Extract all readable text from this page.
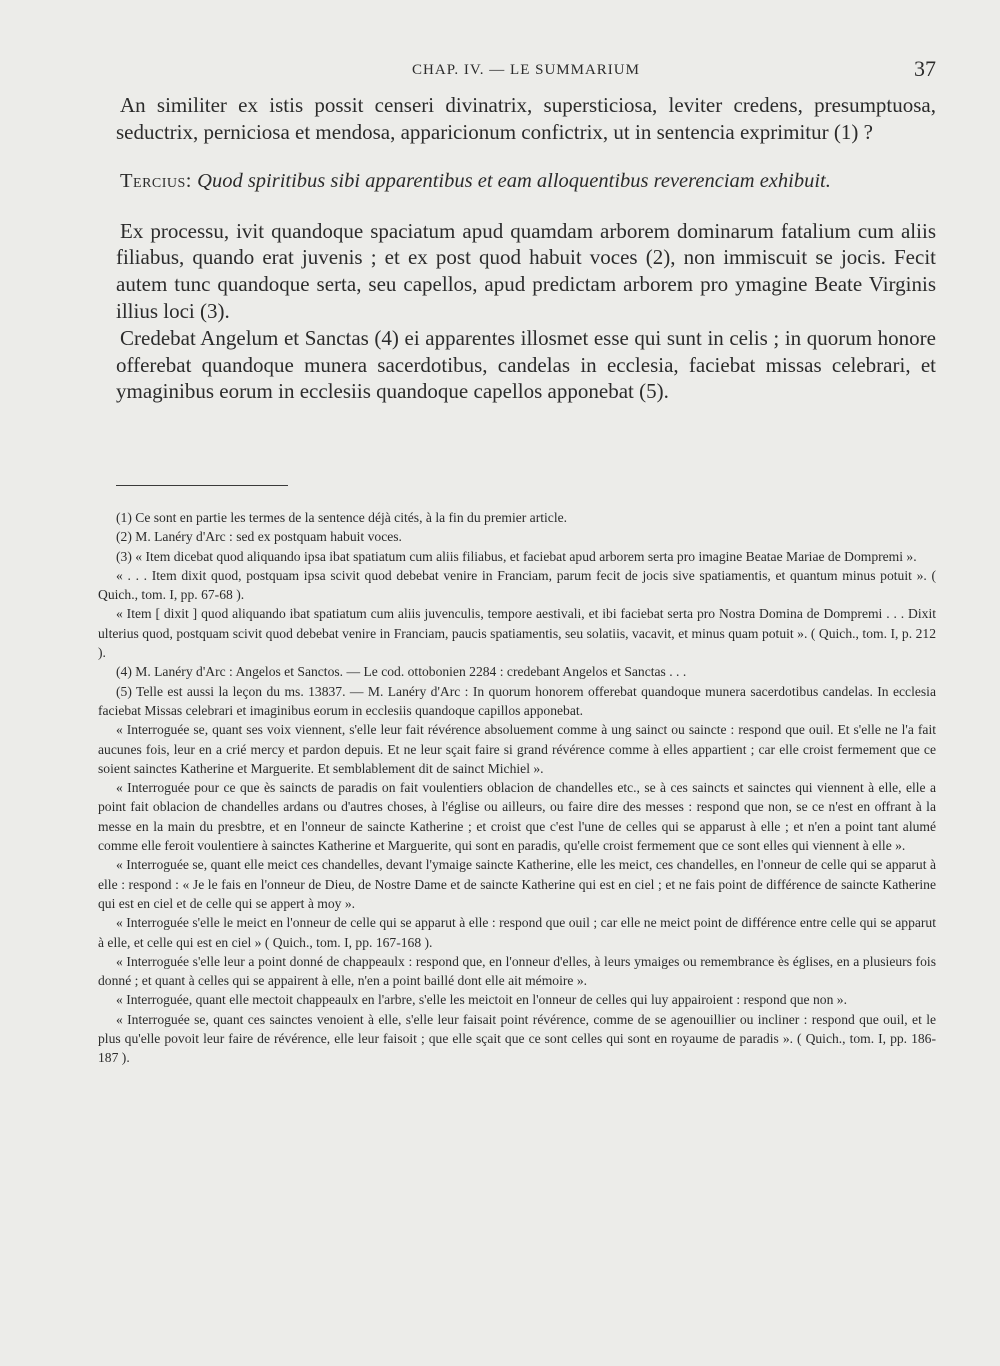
CHAP. IV. — LE SUMMARIUM	37

An similiter ex istis possit censeri divinatrix, supersticiosa, leviter credens, presumptuosa, seductrix, perniciosa et mendosa, apparicionum confictrix, ut in sentencia exprimitur (1) ?

Tercius: Quod spiritibus sibi apparentibus et eam alloquentibus reverenciam exhibuit.

Ex processu, ivit quandoque spaciatum apud quamdam arborem dominarum fatalium cum aliis filiabus, quando erat juvenis ; et ex post quod habuit voces (2), non immiscuit se jocis. Fecit autem tunc quandoque serta, seu capellos, apud predictam arborem pro ymagine Beate Virginis illius loci (3).

Credebat Angelum et Sanctas (4) ei apparentes illosmet esse qui sunt in celis ; in quorum honore offerebat quandoque munera sacerdotibus, candelas in ecclesia, faciebat missas celebrari, et ymaginibus eorum in ecclesiis quandoque capellos apponebat (5).

(1) Ce sont en partie les termes de la sentence déjà cités, à la fin du premier article.

(2) M. Lanéry d'Arc : sed ex postquam habuit voces.

(3) « Item dicebat quod aliquando ipsa ibat spatiatum cum aliis filiabus, et faciebat apud arborem serta pro imagine Beatae Mariae de Dompremi ».

« . . . Item dixit quod, postquam ipsa scivit quod debebat venire in Franciam, parum fecit de jocis sive spatiamentis, et quantum minus potuit ». ( Quich., tom. I, pp. 67-68 ).

« Item [ dixit ] quod aliquando ibat spatiatum cum aliis juvenculis, tempore aestivali, et ibi faciebat serta pro Nostra Domina de Dompremi . . . Dixit ulterius quod, postquam scivit quod debebat venire in Franciam, paucis spatiamentis, seu solatiis, vacavit, et minus quam potuit ». ( Quich., tom. I, p. 212 ).

(4) M. Lanéry d'Arc : Angelos et Sanctos. — Le cod. ottobonien 2284 : credebant Angelos et Sanctas . . .

(5) Telle est aussi la leçon du ms. 13837. — M. Lanéry d'Arc : In quorum honorem offerebat quandoque munera sacerdotibus candelas. In ecclesia faciebat Missas celebrari et imaginibus eorum in ecclesiis quandoque capillos apponebat.

« Interroguée se, quant ses voix viennent, s'elle leur fait révérence absoluement comme à ung sainct ou saincte : respond que ouil. Et s'elle ne l'a fait aucunes fois, leur en a crié mercy et pardon depuis. Et ne leur sçait faire si grand révérence comme à elles appartient ; car elle croist fermement que ce soient sainctes Katherine et Marguerite. Et semblablement dit de sainct Michiel ».

« Interroguée pour ce que ès saincts de paradis on fait voulentiers oblacion de chandelles etc., se à ces saincts et sainctes qui viennent à elle, elle a point fait oblacion de chandelles ardans ou d'autres choses, à l'église ou ailleurs, ou faire dire des messes : respond que non, se ce n'est en offrant à la messe en la main du presbtre, et en l'onneur de saincte Katherine ; et croist que c'est l'une de celles qui se apparust à elle ; et n'en a point tant alumé comme elle feroit voulentiere à sainctes Katherine et Marguerite, qui sont en paradis, qu'elle croist fermement que ce sont elles qui viennent à elle ».

« Interroguée se, quant elle meict ces chandelles, devant l'ymaige saincte Katherine, elle les meict, ces chandelles, en l'onneur de celle qui se apparut à elle : respond : « Je le fais en l'onneur de Dieu, de Nostre Dame et de saincte Katherine qui est en ciel ; et ne fais point de différence de saincte Katherine qui est en ciel et de celle qui se appert à moy ».

« Interroguée s'elle le meict en l'onneur de celle qui se apparut à elle : respond que ouil ; car elle ne meict point de différence entre celle qui se apparut à elle, et celle qui est en ciel » ( Quich., tom. I, pp. 167-168 ).

« Interroguée s'elle leur a point donné de chappeaulx : respond que, en l'onneur d'elles, à leurs ymaiges ou remembrance ès églises, en a plusieurs fois donné ; et quant à celles qui se appairent à elle, n'en a point baillé dont elle ait mémoire ».

« Interroguée, quant elle mectoit chappeaulx en l'arbre, s'elle les meictoit en l'onneur de celles qui luy appairoient : respond que non ».

« Interroguée se, quant ces sainctes venoient à elle, s'elle leur faisait point révérence, comme de se agenouillier ou incliner : respond que ouil, et le plus qu'elle povoit leur faire de révérence, elle leur faisoit ; que elle sçait que ce sont celles qui sont en royaume de paradis ». ( Quich., tom. I, pp. 186-187 ).
